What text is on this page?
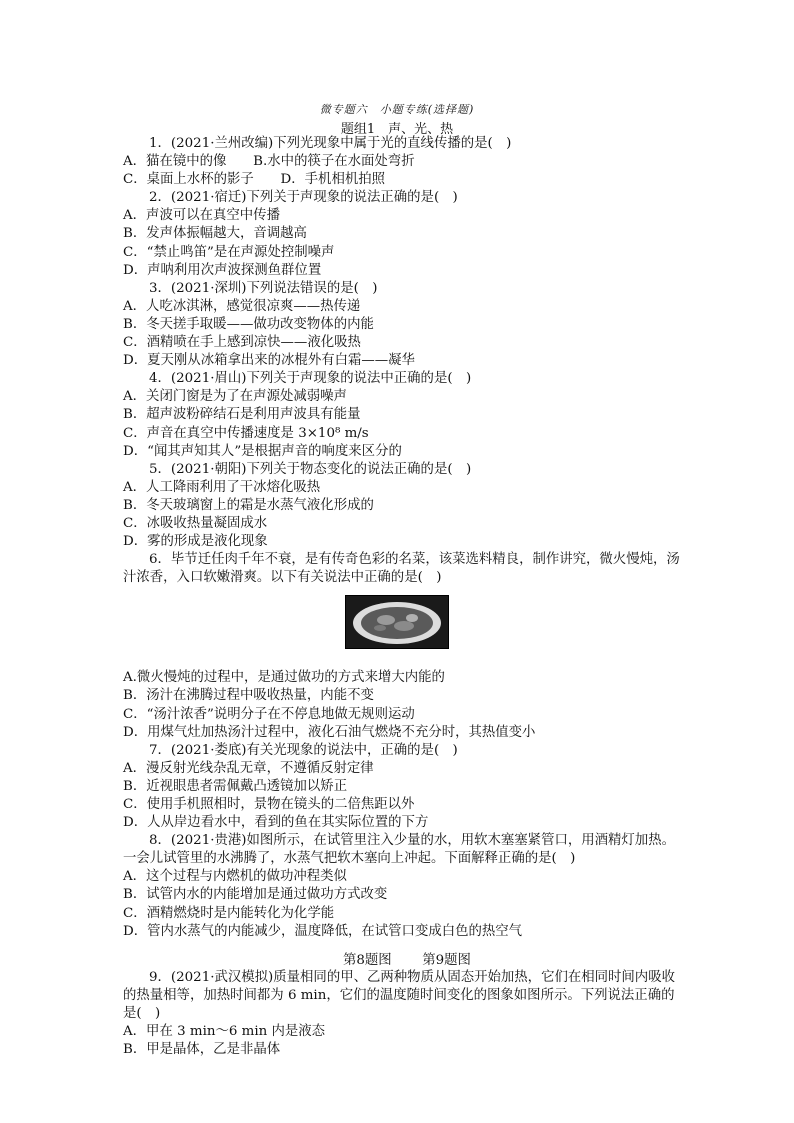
微专题六　小题专练(选择题)
题组1　声、光、热
1．(2021·兰州改编)下列光现象中属于光的直线传播的是(　)
A．猫在镜中的像　　B.水中的筷子在水面处弯折
C．桌面上水杯的影子　　D．手机相机拍照
2．(2021·宿迁)下列关于声现象的说法正确的是(　)
A．声波可以在真空中传播
B．发声体振幅越大，音调越高
C．“禁止鸣笛”是在声源处控制噪声
D．声呐利用次声波探测鱼群位置
3．(2021·深圳)下列说法错误的是(　)
A．人吃冰淇淋，感觉很凉爽——热传递
B．冬天搓手取暖——做功改变物体的内能
C．酒精喷在手上感到凉快——液化吸热
D．夏天刚从冰箱拿出来的冰棍外有白霜——凝华
4．(2021·眉山)下列关于声现象的说法中正确的是(　)
A．关闭门窗是为了在声源处减弱噪声
B．超声波粉碎结石是利用声波具有能量
C．声音在真空中传播速度是 3×10⁸ m/s
D．“闻其声知其人”是根据声音的响度来区分的
5．(2021·朝阳)下列关于物态变化的说法正确的是(　)
A．人工降雨利用了干冰熔化吸热
B．冬天玻璃窗上的霜是水蒸气液化形成的
C．冰吸收热量凝固成水
D．雾的形成是液化现象
6．毕节迁任肉千年不衰，是有传奇色彩的名菜，该菜选料精良，制作讲究，微火慢炖，汤汁浓香，入口软嫩滑爽。以下有关说法中正确的是(　)
A.微火慢炖的过程中，是通过做功的方式来增大内能的
B．汤汁在沸腾过程中吸收热量，内能不变
C．“汤汁浓香”说明分子在不停息地做无规则运动
D．用煤气灶加热汤汁过程中，液化石油气燃烧不充分时，其热值变小
7．(2021·娄底)有关光现象的说法中，正确的是(　)
A．漫反射光线杂乱无章，不遵循反射定律
B．近视眼患者需佩戴凸透镜加以矫正
C．使用手机照相时，景物在镜头的二倍焦距以外
D．人从岸边看水中，看到的鱼在其实际位置的下方
8．(2021·贵港)如图所示，在试管里注入少量的水，用软木塞塞紧管口，用酒精灯加热。一会儿试管里的水沸腾了，水蒸气把软木塞向上冲起。下面解释正确的是(　)
A．这个过程与内燃机的做功冲程类似
B．试管内水的内能增加是通过做功方式改变
C．酒精燃烧时是内能转化为化学能
D．管内水蒸气的内能减少，温度降低，在试管口变成白色的热空气
第8题图 第9题图
9．(2021·武汉模拟)质量相同的甲、乙两种物质从固态开始加热，它们在相同时间内吸收的热量相等，加热时间都为 6 min，它们的温度随时间变化的图象如图所示。下列说法正确的是(　)
A．甲在 3 min～6 min 内是液态
B．甲是晶体，乙是非晶体
